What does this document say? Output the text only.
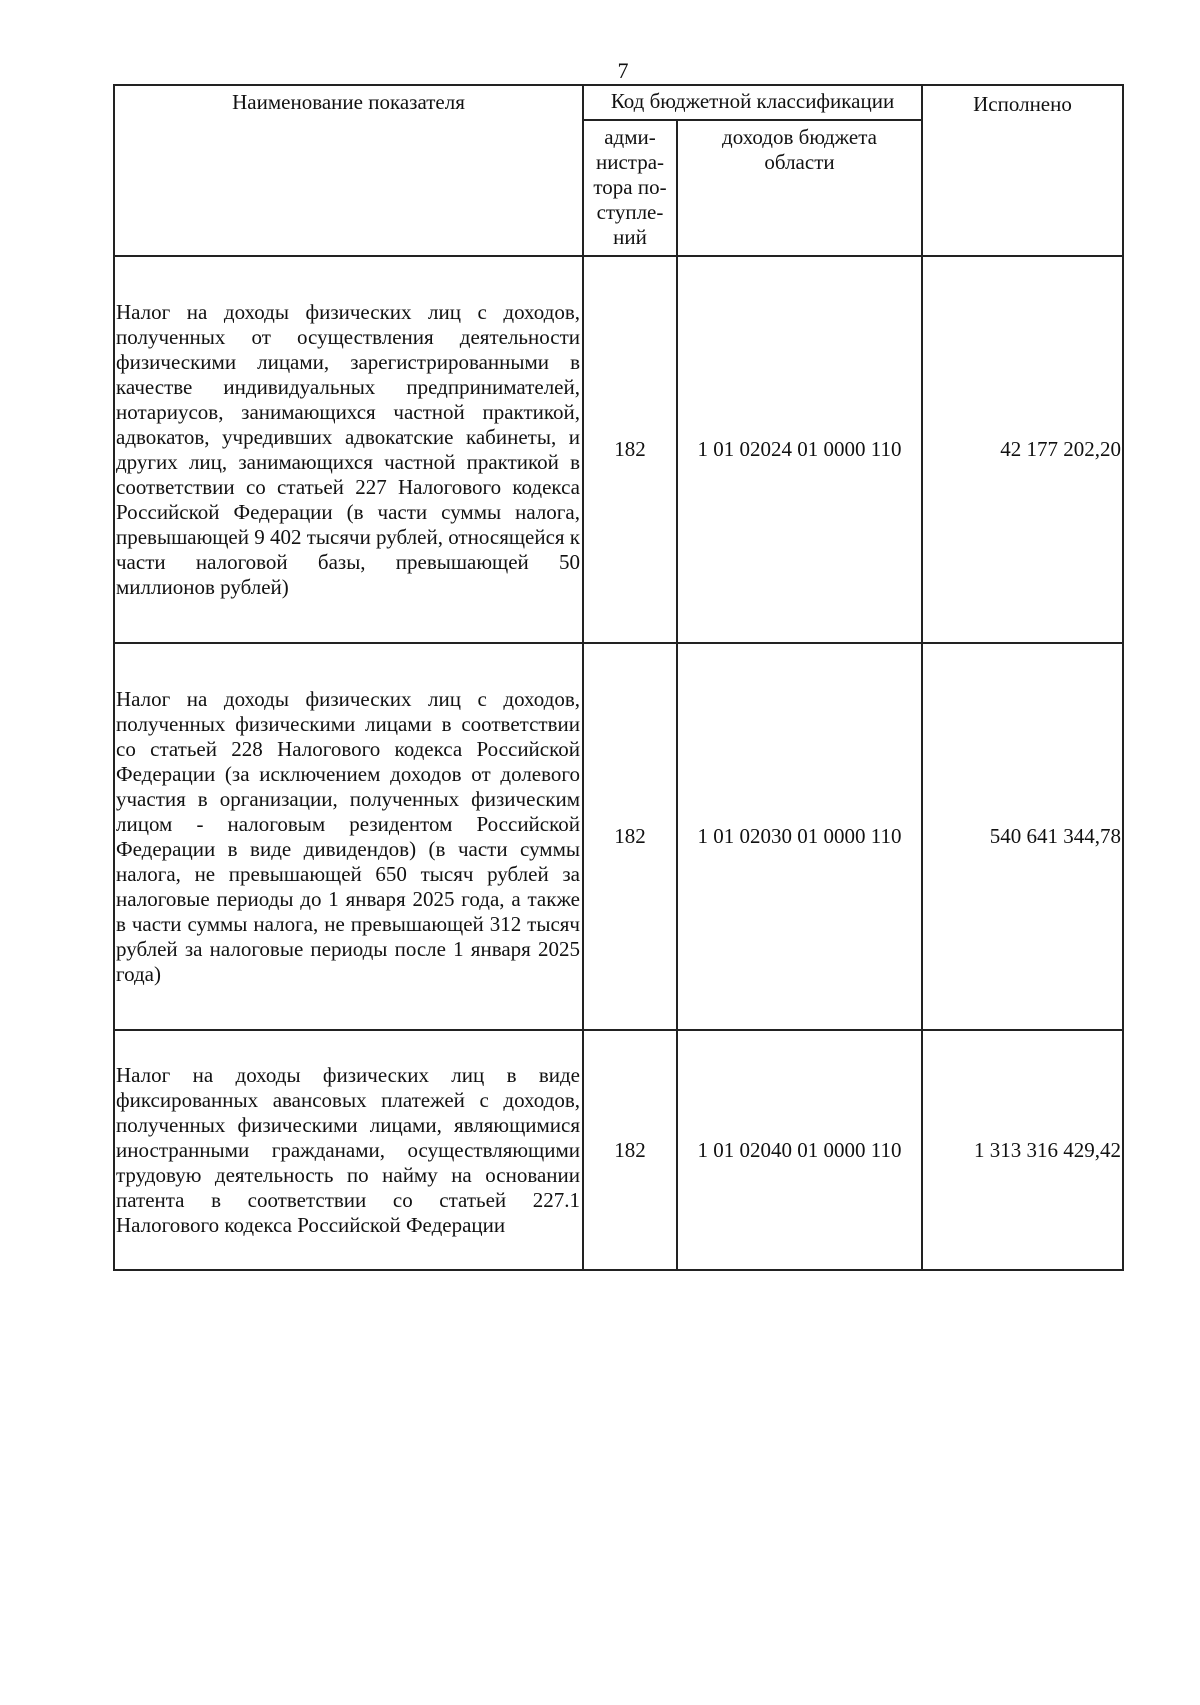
7
Наименование показателя	Код бюджетной классификации		Исполнено
	адми-
нистра-
тора по-
ступле-
ний	доходов бюджета
области	
Налог на доходы физических лиц с доходов, полученных от осуществления деятельности физическими лицами, зарегистрированными в качестве индивидуальных предпринимателей, нотариусов, занимающихся частной практикой, адвокатов, учредивших адвокатские кабинеты, и других лиц, занимающихся частной практикой в соответствии со статьей 227 Налогового кодекса Российской Федерации (в части суммы налога, превышающей 9 402 тысячи рублей, относящейся к части налоговой базы, превышающей 50 миллионов рублей)	182	1 01 02024 01 0000 110	42 177 202,20
Налог на доходы физических лиц с доходов, полученных физическими лицами в соответствии со статьей 228 Налогового кодекса Российской Федерации (за исключением доходов от долевого участия в организации, полученных физическим лицом - налоговым резидентом Российской Федерации в виде дивидендов) (в части суммы налога, не превышающей 650 тысяч рублей за налоговые периоды до 1 января 2025 года, а также в части суммы налога, не превышающей 312 тысяч рублей за налоговые периоды после 1 января 2025 года)	182	1 01 02030 01 0000 110	540 641 344,78
Налог на доходы физических лиц в виде фиксированных авансовых платежей с доходов, полученных физическими лицами, являющимися иностранными гражданами, осуществляющими трудовую деятельность по найму на основании патента в соответствии со статьей 227.1 Налогового кодекса Российской Федерации	182	1 01 02040 01 0000 110	1 313 316 429,42
